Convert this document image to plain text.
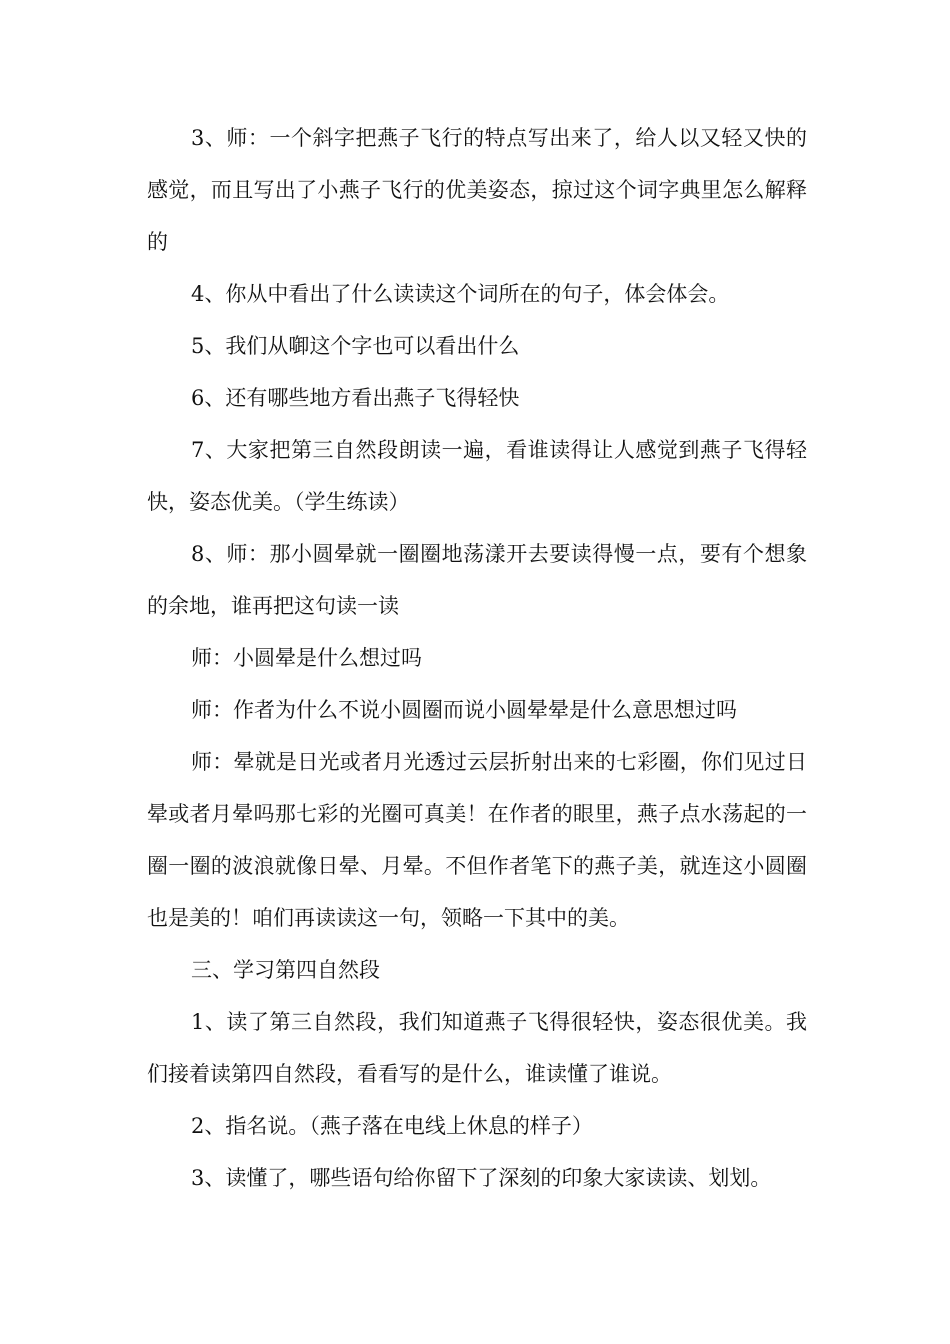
3、师：一个斜字把燕子飞行的特点写出来了，给人以又轻又快的感觉，而且写出了小燕子飞行的优美姿态，掠过这个词字典里怎么解释的

4、你从中看出了什么读读这个词所在的句子，体会体会。

5、我们从啣这个字也可以看出什么

6、还有哪些地方看出燕子飞得轻快

7、大家把第三自然段朗读一遍，看谁读得让人感觉到燕子飞得轻快，姿态优美。（学生练读）

8、师：那小圆晕就一圈圈地荡漾开去要读得慢一点，要有个想象的余地，谁再把这句读一读

师：小圆晕是什么想过吗

师：作者为什么不说小圆圈而说小圆晕晕是什么意思想过吗

师：晕就是日光或者月光透过云层折射出来的七彩圈，你们见过日晕或者月晕吗那七彩的光圈可真美！在作者的眼里，燕子点水荡起的一圈一圈的波浪就像日晕、月晕。不但作者笔下的燕子美，就连这小圆圈也是美的！咱们再读读这一句，领略一下其中的美。

三、学习第四自然段

1、读了第三自然段，我们知道燕子飞得很轻快，姿态很优美。我们接着读第四自然段，看看写的是什么，谁读懂了谁说。

2、指名说。（燕子落在电线上休息的样子）

3、读懂了，哪些语句给你留下了深刻的印象大家读读、划划。
